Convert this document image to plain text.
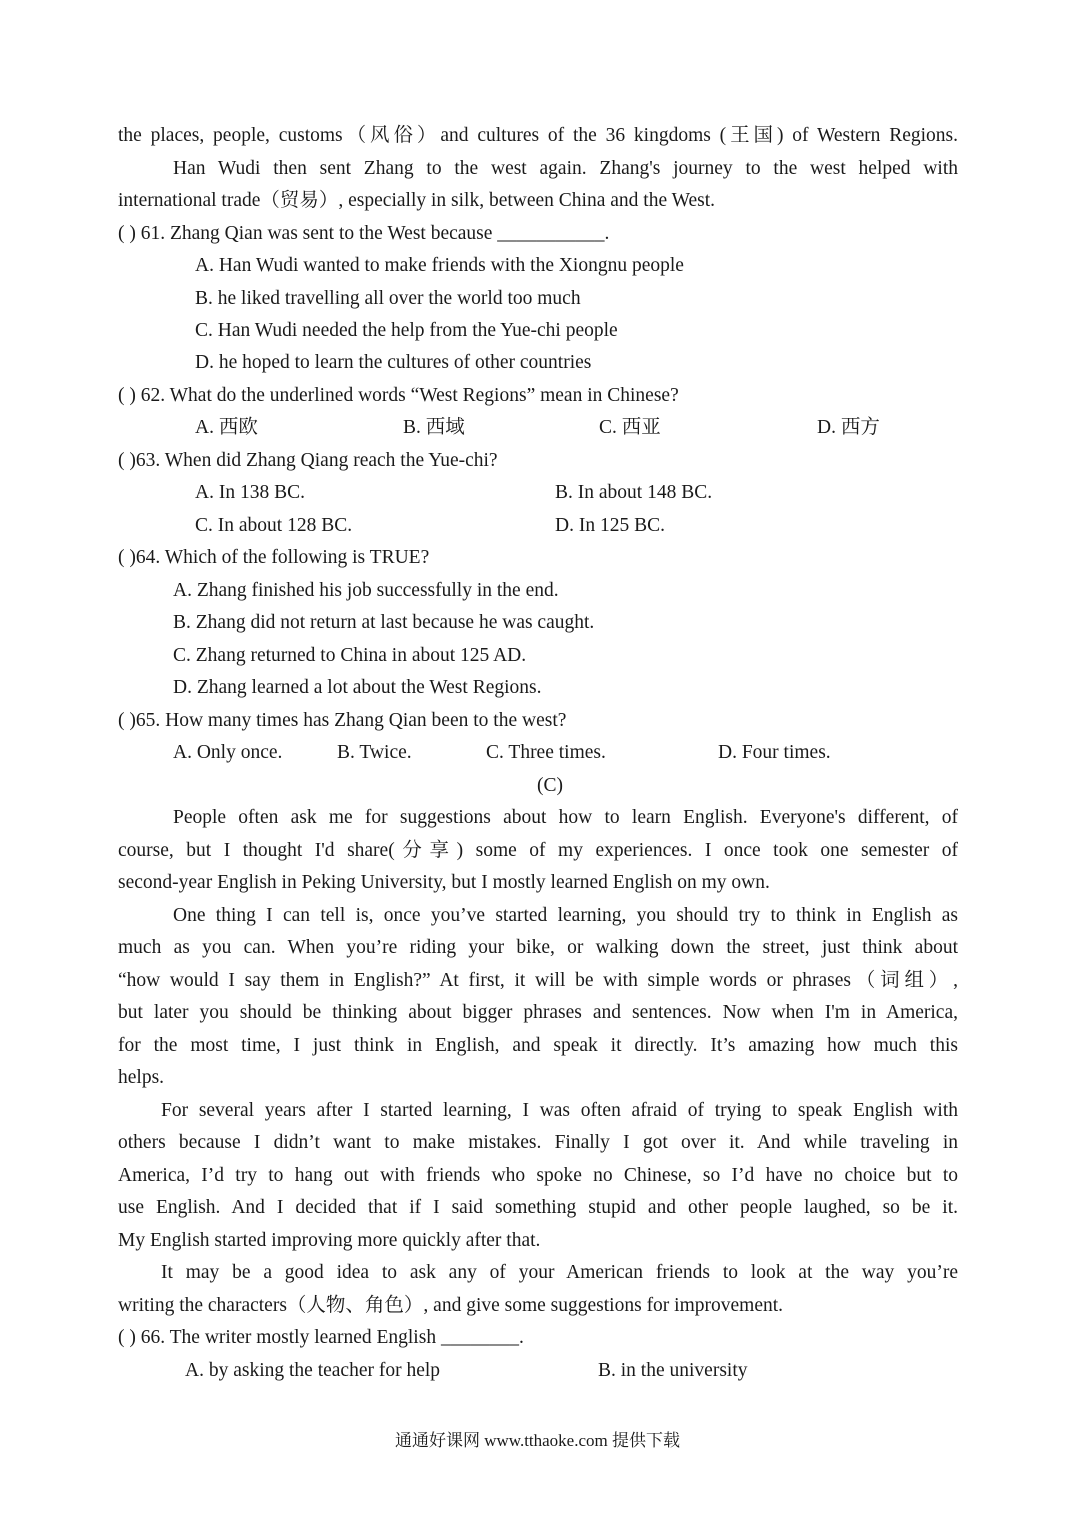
the places, people, customs（风俗）and cultures of the 36 kingdoms (王国) of Western Regions.
Han Wudi then sent Zhang to the west again. Zhang's journey to the west helped with
international trade（贸易）, especially in silk, between China and the West.
( ) 61. Zhang Qian was sent to the West because ___________.
A. Han Wudi wanted to make friends with the Xiongnu people
B. he liked travelling all over the world too much
C. Han Wudi needed the help from the Yue-chi people
D. he hoped to learn the cultures of other countries
( ) 62. What do the underlined words “West Regions” mean in Chinese?
A. 西欧	B. 西域	C. 西亚	D. 西方
( )63. When did Zhang Qiang reach the Yue-chi?
A. In 138 BC.	B. In about 148 BC.
C. In about 128 BC.	D. In 125 BC.
( )64. Which of the following is TRUE?
A. Zhang finished his job successfully in the end.
B. Zhang did not return at last because he was caught.
C. Zhang returned to China in about 125 AD.
D. Zhang learned a lot about the West Regions.
( )65. How many times has Zhang Qian been to the west?
A. Only once.	B. Twice.	C. Three times.	D. Four times.
(C)
People often ask me for suggestions about how to learn English. Everyone's different, of
course, but I thought I'd share(分享) some of my experiences. I once took one semester of
second-year English in Peking University, but I mostly learned English on my own.
One thing I can tell is, once you’ve started learning, you should try to think in English as
much as you can. When you’re riding your bike, or walking down the street, just think about
“how would I say them in English?” At first, it will be with simple words or phrases（词组）,
but later you should be thinking about bigger phrases and sentences. Now when I'm in America,
for the most time, I just think in English, and speak it directly. It’s amazing how much this
helps.
For several years after I started learning, I was often afraid of trying to speak English with
others because I didn’t want to make mistakes. Finally I got over it. And while traveling in
America, I’d try to hang out with friends who spoke no Chinese, so I’d have no choice but to
use English. And I decided that if I said something stupid and other people laughed, so be it.
My English started improving more quickly after that.
It may be a good idea to ask any of your American friends to look at the way you’re
writing the characters（人物、角色）, and give some suggestions for improvement.
( ) 66. The writer mostly learned English ________.
A. by asking the teacher for help	B. in the university
通通好课网 www.tthaoke.com 提供下载
